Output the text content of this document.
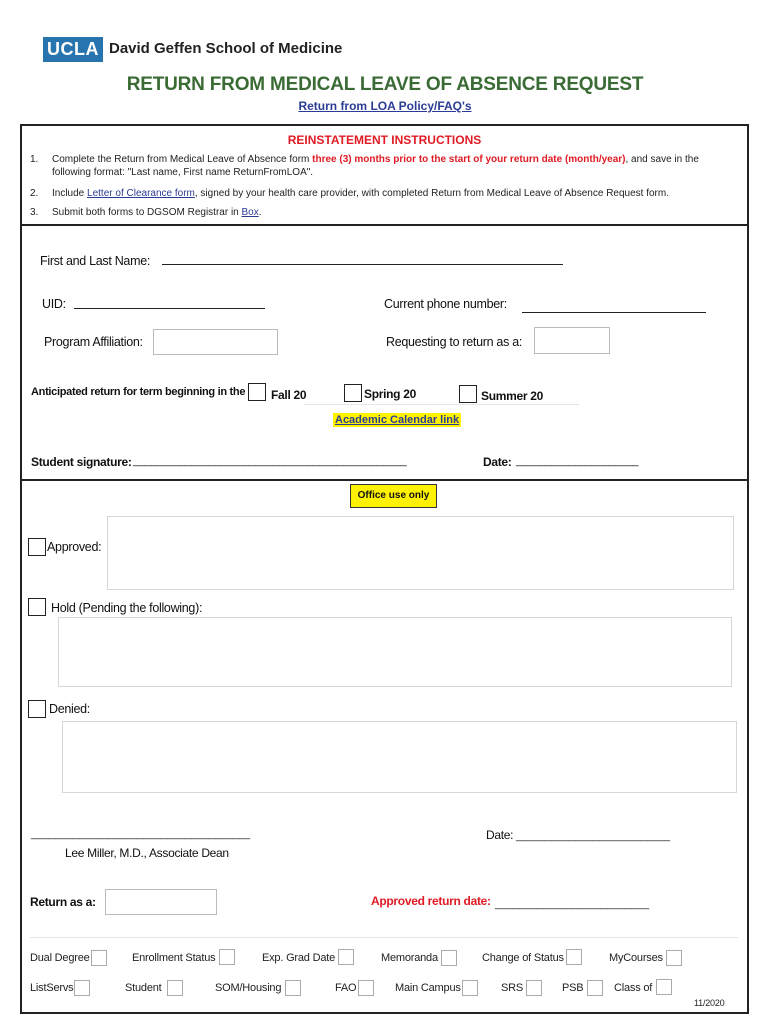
UCLA David Geffen School of Medicine
RETURN FROM MEDICAL LEAVE OF ABSENCE REQUEST
Return from LOA Policy/FAQ's
REINSTATEMENT INSTRUCTIONS
1. Complete the Return from Medical Leave of Absence form three (3) months prior to the start of your return date (month/year), and save in the
following format: "Last name, First name ReturnFromLOA".
2. Include Letter of Clearance form, signed by your health care provider, with completed Return from Medical Leave of Absence Request form.
3. Submit both forms to DGSOM Registrar in Box.
First and Last Name:
UID:	Current phone number:
Program Affiliation:	Requesting to return as a:
Anticipated return for term beginning in the Fall 20	Spring 20	Summer 20
Academic Calendar link
Student signature: _______________________________________________	Date: _____________________
Office use only
Approved:
Hold (Pending the following):
Denied:
_____________________________________
Lee Miller, M.D., Associate Dean
Date: __________________________
Return as a:	Approved return date: __________________________
Dual Degree	Enrollment Status	Exp. Grad Date	Memoranda	Change of Status	MyCourses
ListServs	Student	SOM/Housing	FAO	Main Campus	SRS	PSB	Class of
11/2020
